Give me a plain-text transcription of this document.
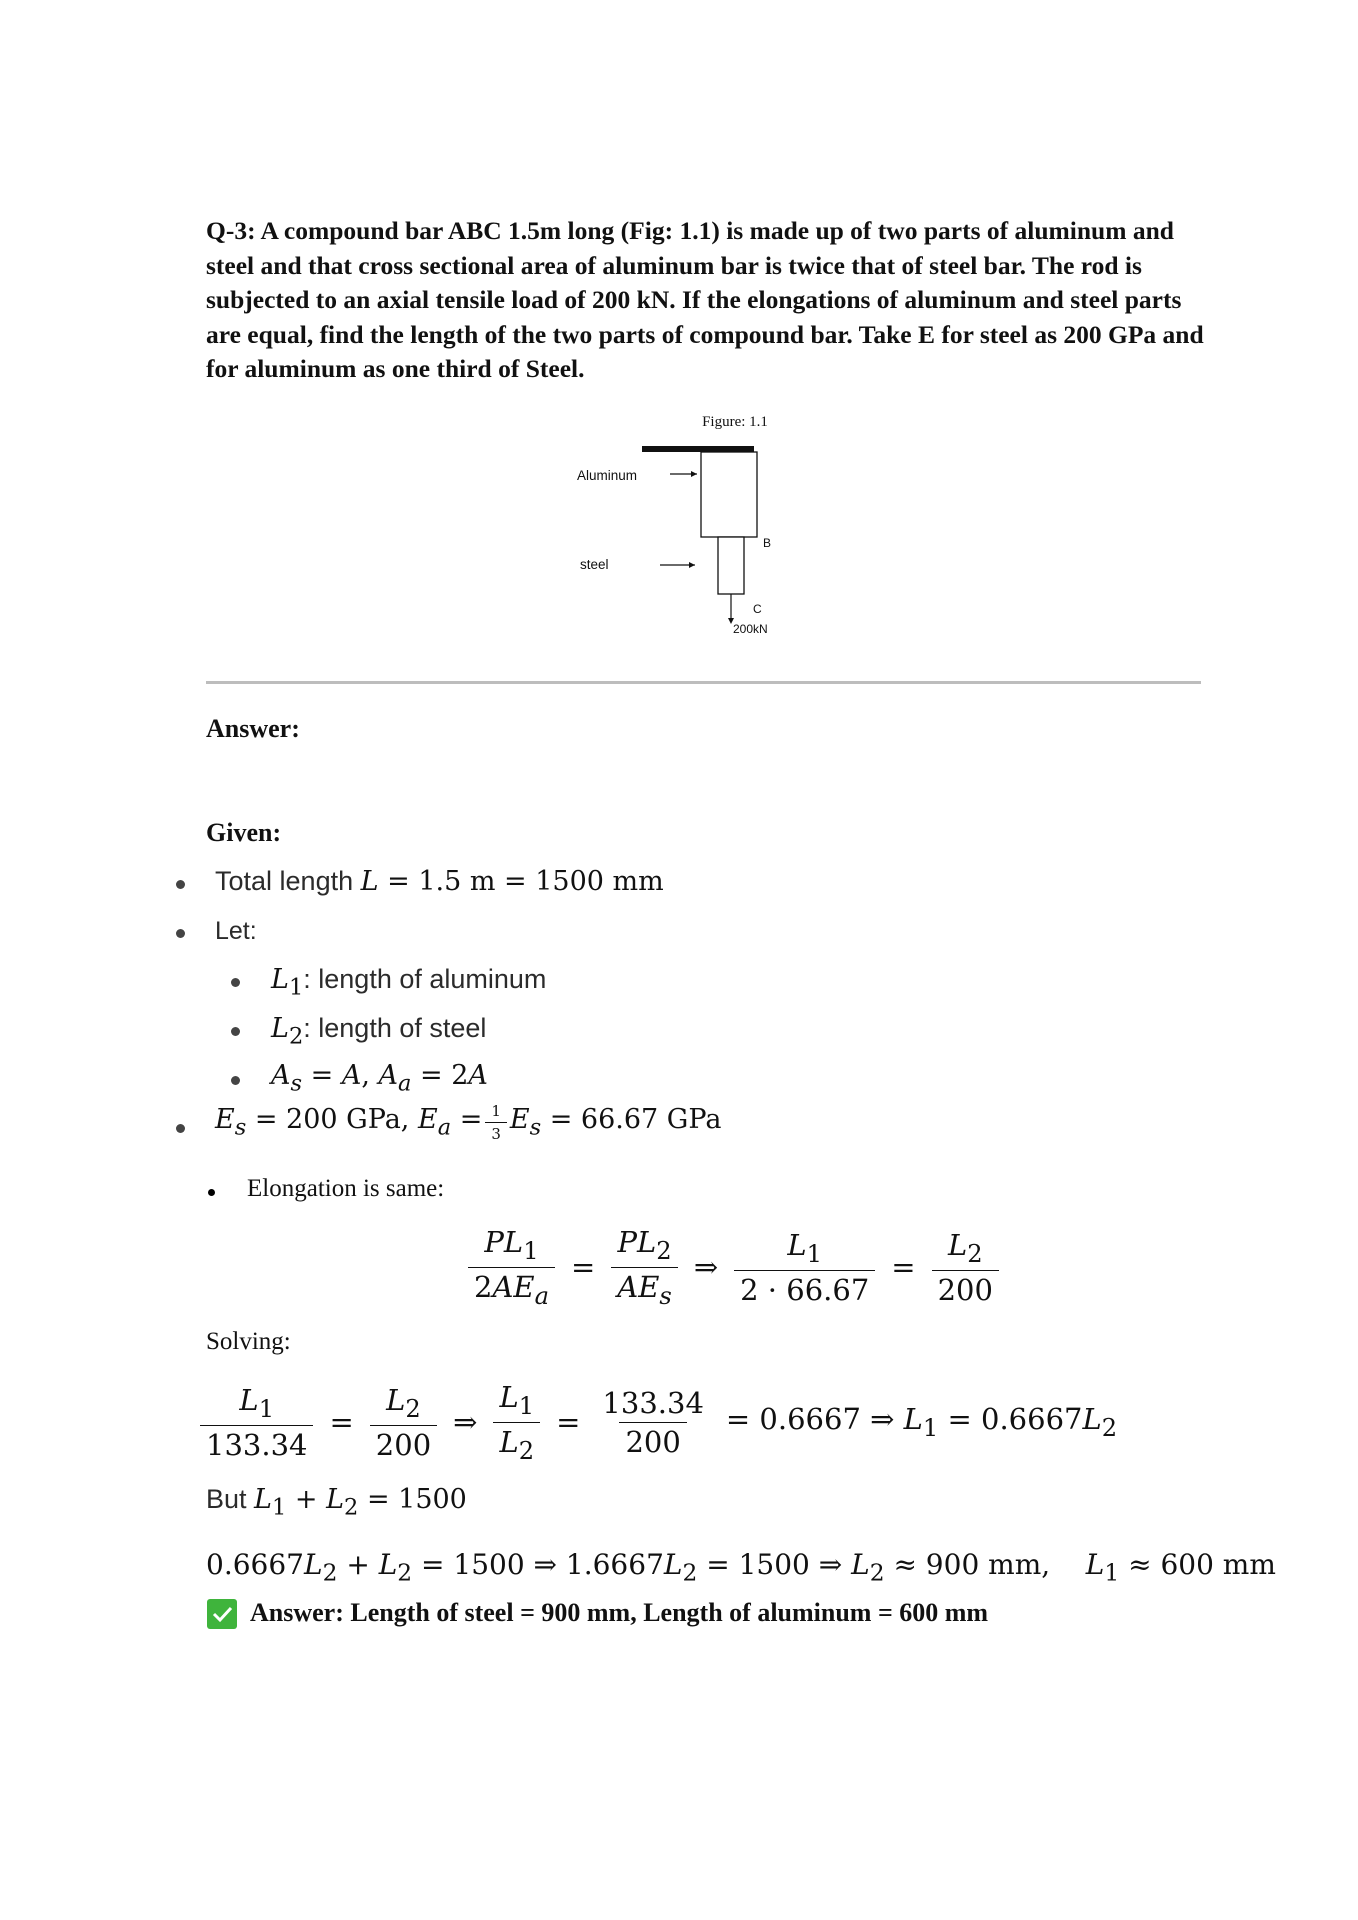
Q-3: A compound bar ABC 1.5m long (Fig: 1.1) is made up of two parts of aluminum and steel and that cross sectional area of aluminum bar is twice that of steel bar. The rod is subjected to an axial tensile load of 200 kN. If the elongations of aluminum and steel parts are equal, find the length of the two parts of compound bar. Take E for steel as 200 GPa and for aluminum as one third of Steel.
Figure: 1.1
Aluminum
steel
B
C
200kN
Answer:
Given:
Total length L = 1.5 m = 1500 mm
Let:
$L_1$: length of aluminum
$L_2$: length of steel
$A_s = A$, $A_a = 2A$
$E_s = 200$ GPa, $E_a = \frac{1}{3} E_s = 66.67$ GPa
Elongation is same:
$\frac{PL_1}{2AE_a} = \frac{PL_2}{AE_s}$ ⇒ $\frac{L_1}{2 \cdot 66.67} = \frac{L_2}{200}$
Solving:
$\frac{L_1}{133.34} = \frac{L_2}{200}$ ⇒ $\frac{L_1}{L_2} = \frac{133.34}{200} = 0.6667$ ⇒ $L_1 = 0.6667L_2$
But $L_1 + L_2 = 1500$
$0.6667L_2 + L_2 = 1500$ ⇒ $1.6667L_2 = 1500$ ⇒ $L_2 \approx 900$ mm,    $L_1 \approx 600$ mm
Answer: Length of steel = 900 mm, Length of aluminum = 600 mm
